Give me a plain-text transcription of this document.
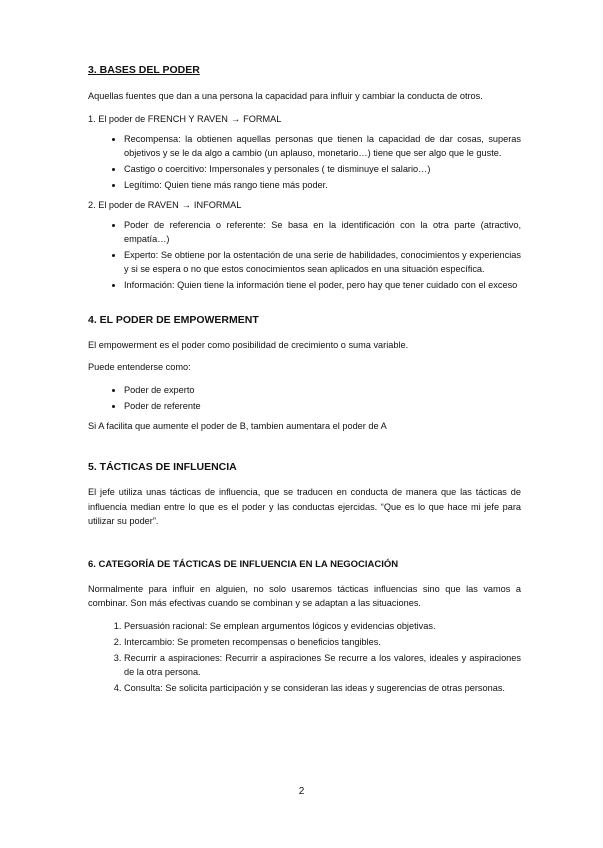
3. BASES DEL PODER

Aquellas fuentes que dan a una persona la capacidad para influir y cambiar la conducta de otros.

1. El poder de FRENCH Y RAVEN → FORMAL
• Recompensa: la obtienen aquellas personas que tienen la capacidad de dar cosas, superas objetivos y se le da algo a cambio (un aplauso, monetario…) tiene que ser algo que le guste.
• Castigo o coercitivo: Impersonales y personales ( te disminuye el salario…)
• Legítimo: Quien tiene más rango tiene más poder.
2. El poder de RAVEN → INFORMAL
• Poder de referencia o referente: Se basa en la identificación con la otra parte (atractivo, empatía…)
• Experto: Se obtiene por la ostentación de una serie de habilidades, conocimientos y experiencias y si se espera o no que estos conocimientos sean aplicados en una situación específica.
• Información: Quien tiene la información tiene el poder, pero hay que tener cuidado con el exceso
4. EL PODER DE EMPOWERMENT

El empowerment es el poder como posibilidad de crecimiento o suma variable.

Puede entenderse como:

• Poder de experto
• Poder de referente

Si A facilita que aumente el poder de B, tambien aumentara el poder de A

5. TÁCTICAS DE INFLUENCIA

El jefe utiliza unas tácticas de influencia, que se traducen en conducta de manera que las tácticas de influencia median entre lo que es el poder y las conductas ejercidas. “Que es lo que hace mi jefe para utilizar su poder”.

6. CATEGORÍA DE TÁCTICAS DE INFLUENCIA EN LA NEGOCIACIÓN

Normalmente para influir en alguien, no solo usaremos tácticas influencias sino que las vamos a combinar. Son más efectivas cuando se combinan y se adaptan a las situaciones.

1. Persuasión racional: Se emplean argumentos lógicos y evidencias objetivas.
2. Intercambio: Se prometen recompensas o beneficios tangibles.
3. Recurrir a aspiraciones: Recurrir a aspiraciones Se recurre a los valores, ideales y aspiraciones de la otra persona.
4. Consulta: Se solicita participación y se consideran las ideas y sugerencias de otras personas.
2
